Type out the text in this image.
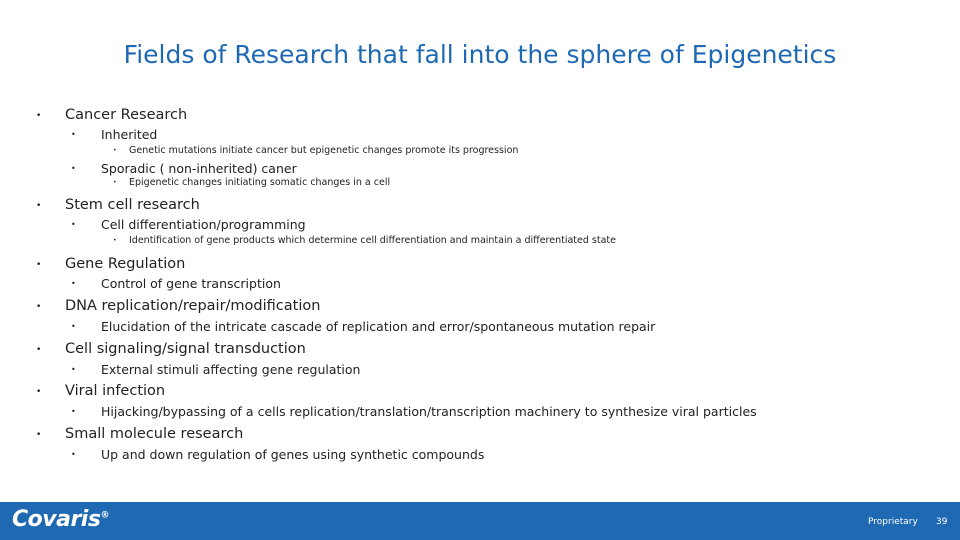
Fields of Research that fall into the sphere of Epigenetics
• Cancer Research
• Inherited
• Genetic mutations initiate cancer but epigenetic changes promote its progression
• Sporadic ( non-inherited) caner
• Epigenetic changes initiating somatic changes in a cell
• Stem cell research
• Cell differentiation/programming
• Identification of gene products which determine cell differentiation and maintain a differentiated state
• Gene Regulation
• Control of gene transcription
• DNA replication/repair/modification
• Elucidation of the intricate cascade of replication and error/spontaneous mutation repair
• Cell signaling/signal transduction
• External stimuli affecting gene regulation
• Viral infection
• Hijacking/bypassing of a cells replication/translation/transcription machinery to synthesize viral particles
• Small molecule research
• Up and down regulation of genes using synthetic compounds
Covaris®
Proprietary 39
